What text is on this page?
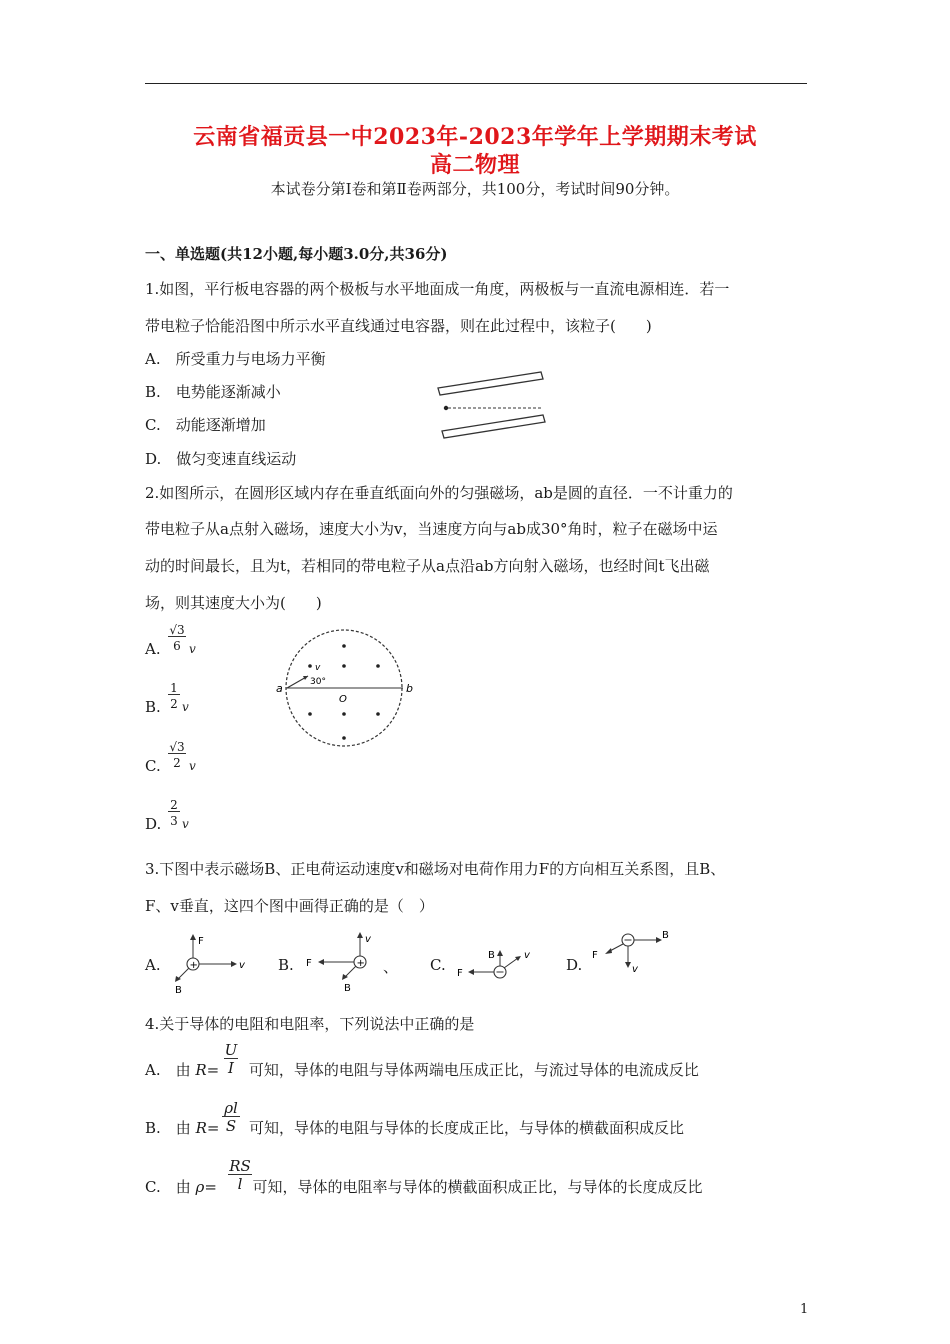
云南省福贡县一中2023年-2023年学年上学期期末考试
高二物理
本试卷分第Ⅰ卷和第Ⅱ卷两部分，共100分，考试时间90分钟。
一、单选题(共12小题,每小题3.0分,共36分)
1.如图，平行板电容器的两个极板与水平地面成一角度，两极板与一直流电源相连．若一
带电粒子恰能沿图中所示水平直线通过电容器，则在此过程中，该粒子(　　)
A.　所受重力与电场力平衡
B.　电势能逐渐减小
C.　动能逐渐增加
D.　做匀变速直线运动
2.如图所示，在圆形区域内存在垂直纸面向外的匀强磁场，ab是圆的直径．一不计重力的
带电粒子从a点射入磁场，速度大小为v，当速度方向与ab成30°角时，粒子在磁场中运
动的时间最长，且为t，若相同的带电粒子从a点沿ab方向射入磁场，也经时间t飞出磁
场，则其速度大小为(　　)
A.
√3
6 v
B.
1
2 v
C.
√3
2 v
D.
2
3 v
a	b
O
v
30°
3.下图中表示磁场B、正电荷运动速度v和磁场对电荷作用力F的方向相互关系图，且B、
F、v垂直，这四个图中画得正确的是（　）
A.	+
F
v
B
B.	+
v
F
B
、 C.
B	v
F	D.
F
B
v
4.关于导体的电阻和电阻率，下列说法中正确的是
A.　由 R= 可知，导体的电阻与导体两端电压成正比，与流过导体的电流成反比
U
I
B.　由 R= 可知，导体的电阻与导体的长度成正比，与导体的横截面积成反比
ρl
S
C.　由 ρ= 可知，导体的电阻率与导体的横截面积成正比，与导体的长度成反比
RS
l
1
